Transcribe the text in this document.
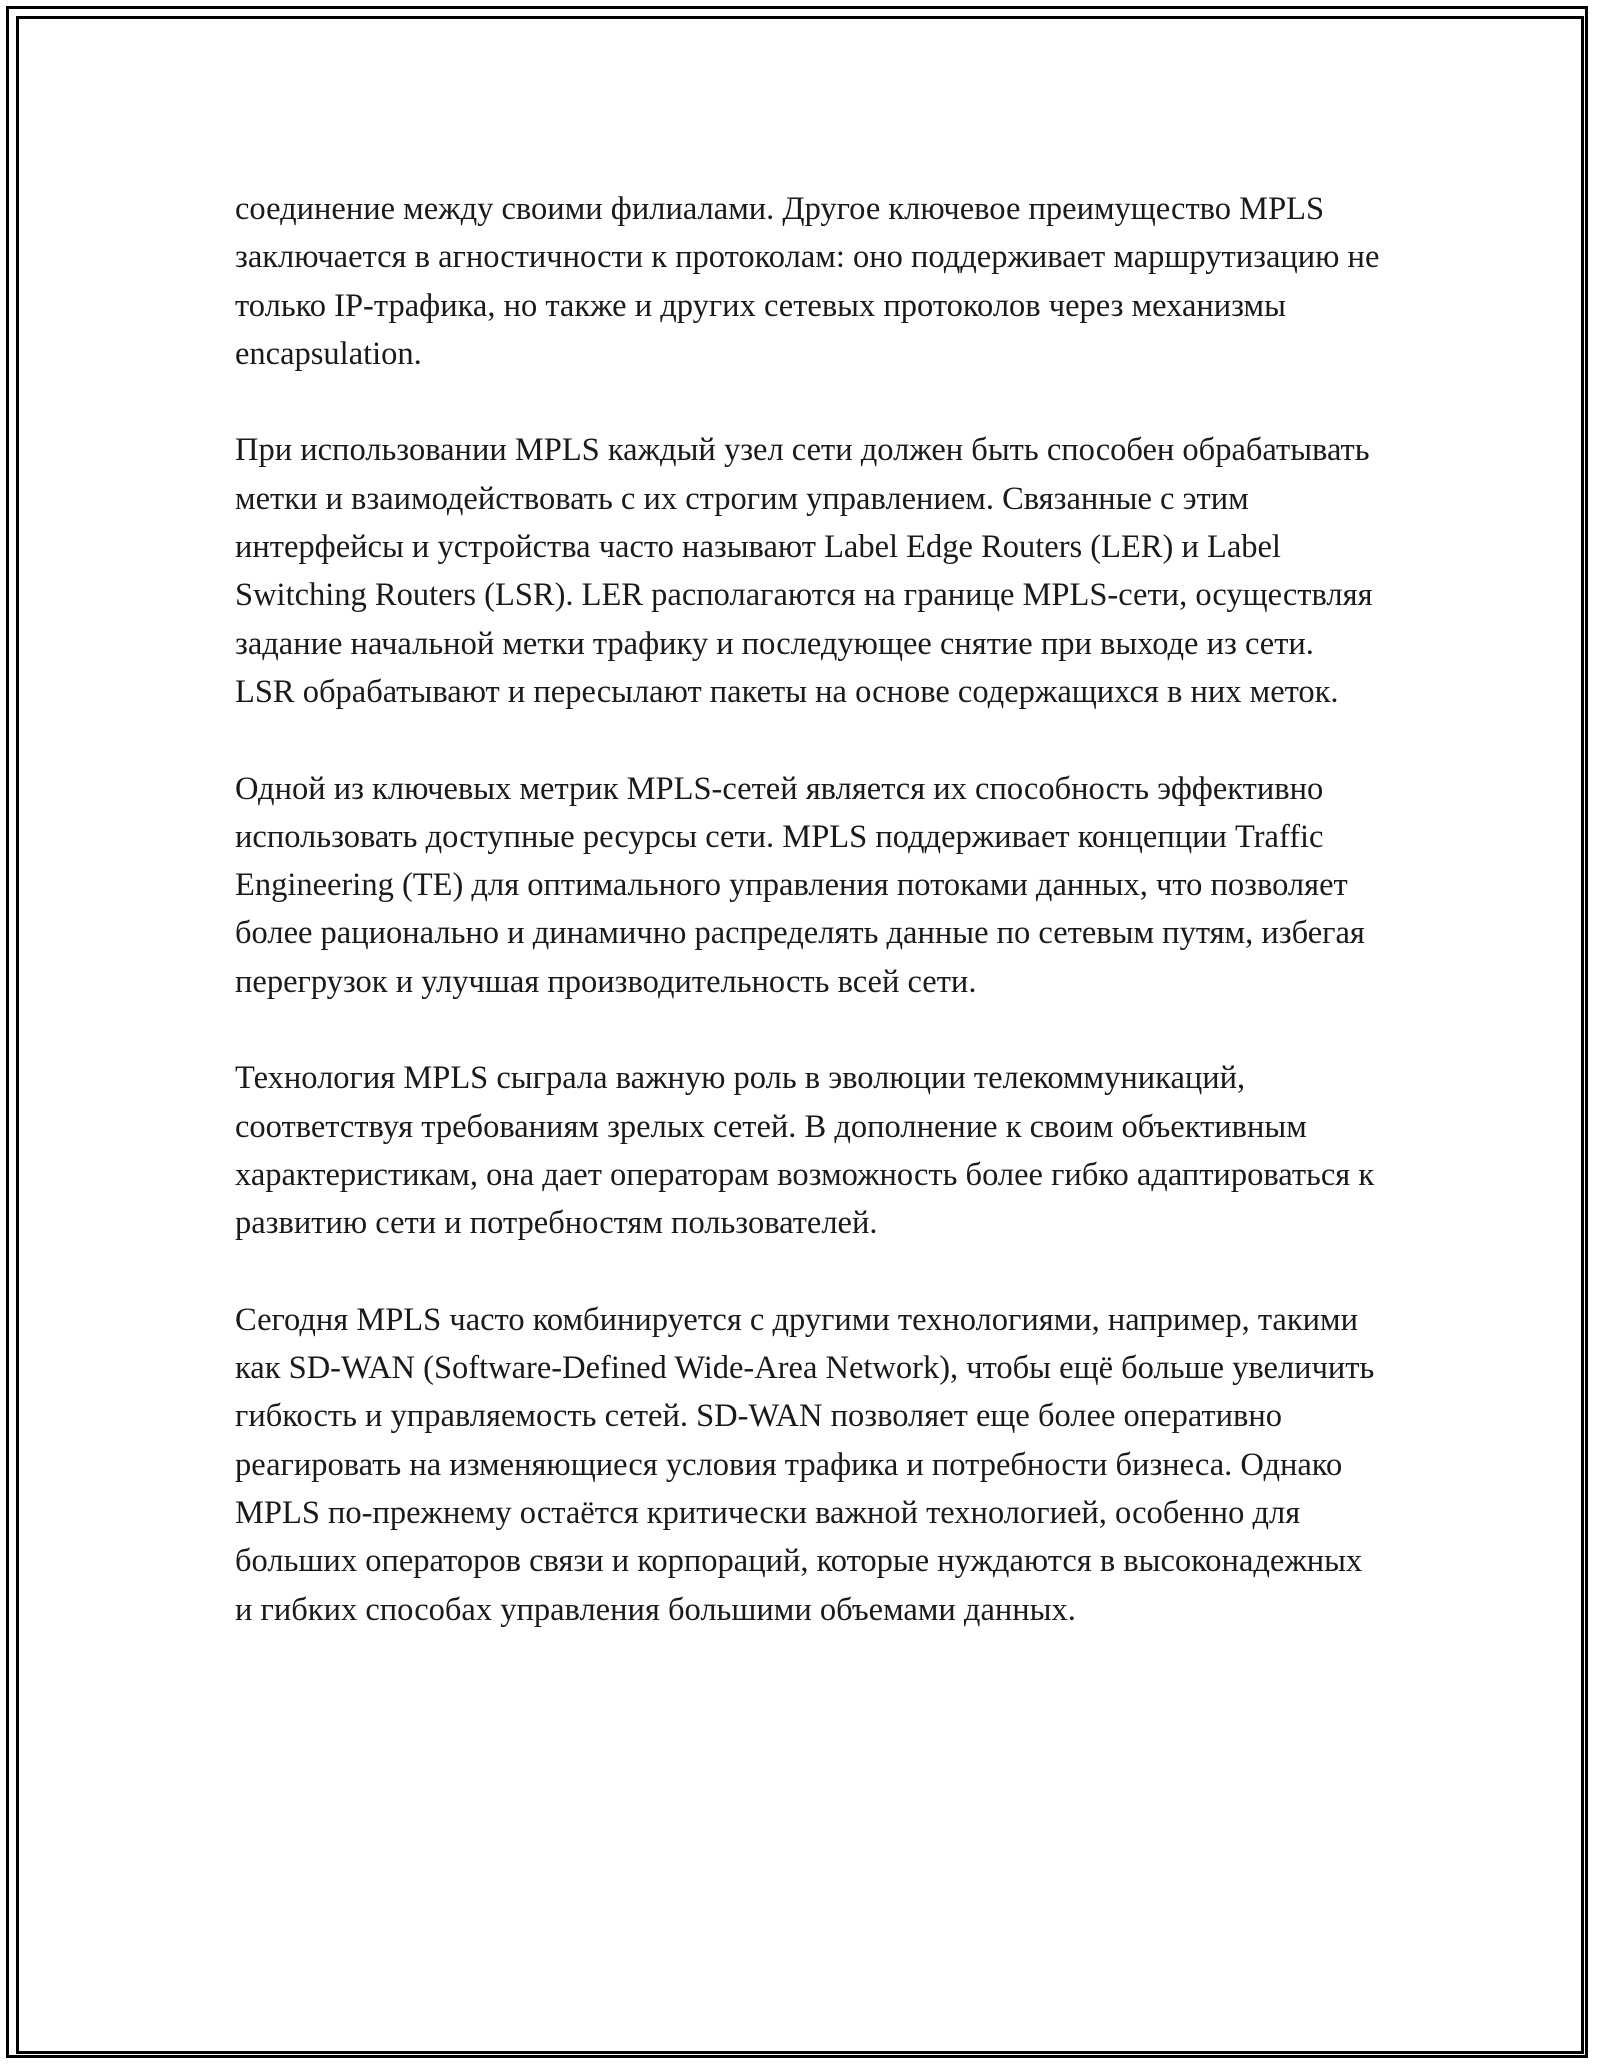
соединение между своими филиалами. Другое ключевое преимущество MPLS заключается в агностичности к протоколам: оно поддерживает маршрутизацию не только IP-трафика, но также и других сетевых протоколов через механизмы encapsulation.

При использовании MPLS каждый узел сети должен быть способен обрабатывать метки и взаимодействовать с их строгим управлением. Связанные с этим интерфейсы и устройства часто называют Label Edge Routers (LER) и Label Switching Routers (LSR). LER располагаются на границе MPLS-сети, осуществляя задание начальной метки трафику и последующее снятие при выходе из сети. LSR обрабатывают и пересылают пакеты на основе содержащихся в них меток.

Одной из ключевых метрик MPLS-сетей является их способность эффективно использовать доступные ресурсы сети. MPLS поддерживает концепции Traffic Engineering (TE) для оптимального управления потоками данных, что позволяет более рационально и динамично распределять данные по сетевым путям, избегая перегрузок и улучшая производительность всей сети.

Технология MPLS сыграла важную роль в эволюции телекоммуникаций, соответствуя требованиям зрелых сетей. В дополнение к своим объективным характеристикам, она дает операторам возможность более гибко адаптироваться к развитию сети и потребностям пользователей.

Сегодня MPLS часто комбинируется с другими технологиями, например, такими как SD-WAN (Software-Defined Wide-Area Network), чтобы ещё больше увеличить гибкость и управляемость сетей. SD-WAN позволяет еще более оперативно реагировать на изменяющиеся условия трафика и потребности бизнеса. Однако MPLS по-прежнему остаётся критически важной технологией, особенно для больших операторов связи и корпораций, которые нуждаются в высоконадежных и гибких способах управления большими объемами данных.
